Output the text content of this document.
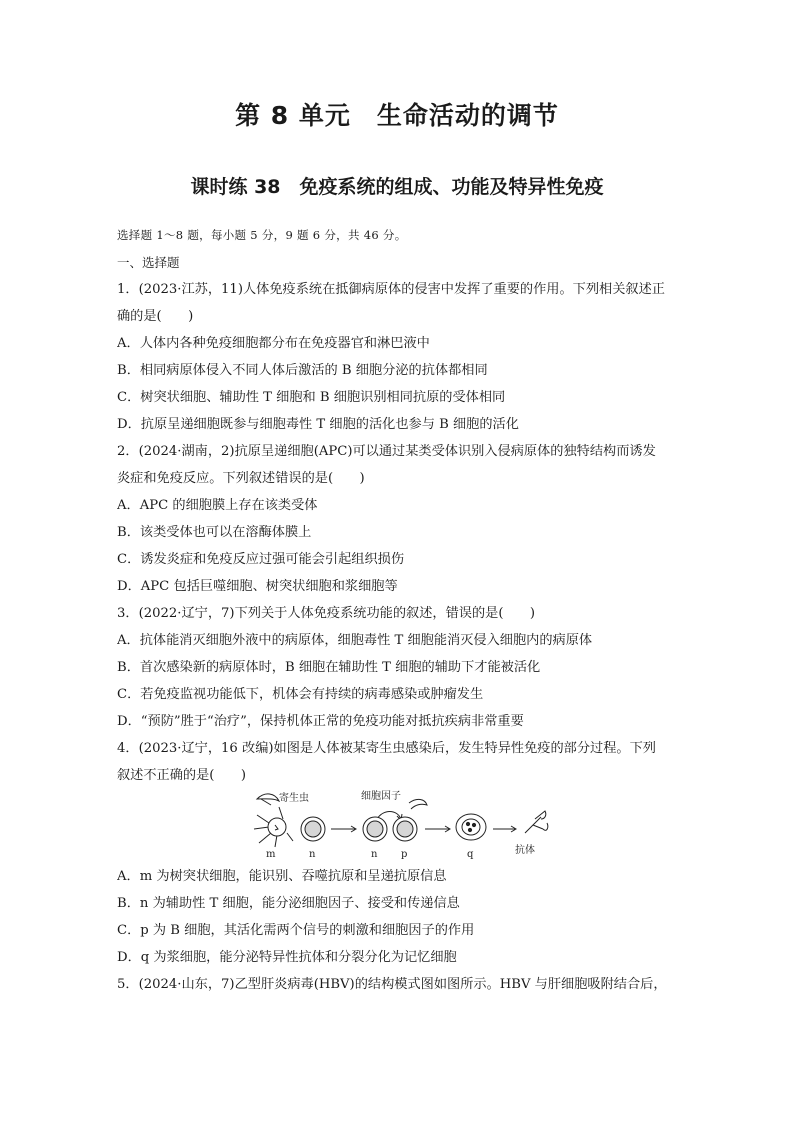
第 8 单元　生命活动的调节
课时练 38　免疫系统的组成、功能及特异性免疫
选择题 1～8 题，每小题 5 分，9 题 6 分，共 46 分。
一、选择题
1．(2023·江苏，11)人体免疫系统在抵御病原体的侵害中发挥了重要的作用。下列相关叙述正
确的是(　　)
A．人体内各种免疫细胞都分布在免疫器官和淋巴液中
B．相同病原体侵入不同人体后激活的 B 细胞分泌的抗体都相同
C．树突状细胞、辅助性 T 细胞和 B 细胞识别相同抗原的受体相同
D．抗原呈递细胞既参与细胞毒性 T 细胞的活化也参与 B 细胞的活化
2．(2024·湖南，2)抗原呈递细胞(APC)可以通过某类受体识别入侵病原体的独特结构而诱发
炎症和免疫反应。下列叙述错误的是(　　)
A．APC 的细胞膜上存在该类受体
B．该类受体也可以在溶酶体膜上
C．诱发炎症和免疫反应过强可能会引起组织损伤
D．APC 包括巨噬细胞、树突状细胞和浆细胞等
3．(2022·辽宁，7)下列关于人体免疫系统功能的叙述，错误的是(　　)
A．抗体能消灭细胞外液中的病原体，细胞毒性 T 细胞能消灭侵入细胞内的病原体
B．首次感染新的病原体时，B 细胞在辅助性 T 细胞的辅助下才能被活化
C．若免疫监视功能低下，机体会有持续的病毒感染或肿瘤发生
D．“预防”胜于“治疗”，保持机体正常的免疫功能对抵抗疾病非常重要
4．(2023·辽宁，16 改编)如图是人体被某寄生虫感染后，发生特异性免疫的部分过程。下列
叙述不正确的是(　　)
寄生虫
m	n
细胞因子
n p	q	抗体
A．m 为树突状细胞，能识别、吞噬抗原和呈递抗原信息
B．n 为辅助性 T 细胞，能分泌细胞因子、接受和传递信息
C．p 为 B 细胞，其活化需两个信号的刺激和细胞因子的作用
D．q 为浆细胞，能分泌特异性抗体和分裂分化为记忆细胞
5．(2024·山东，7)乙型肝炎病毒(HBV)的结构模式图如图所示。HBV 与肝细胞吸附结合后，
